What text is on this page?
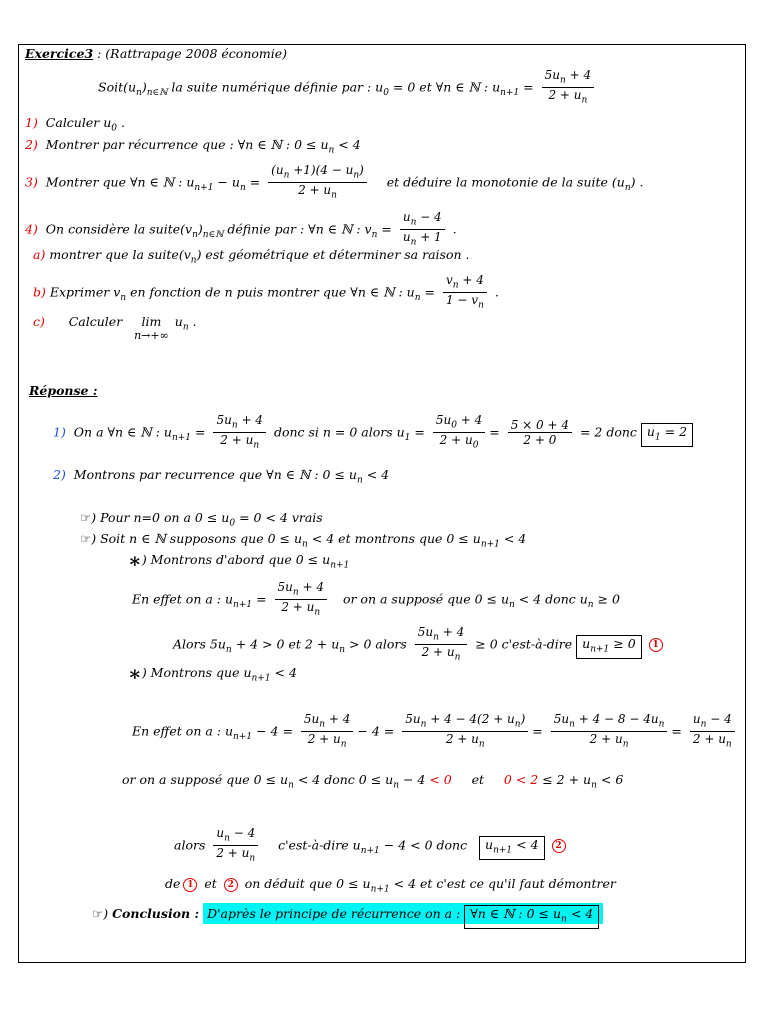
Exercice3 : (Rattrapage 2008 économie)
$Soit(u_n)_{n\in ℕ}$ la suite numérique définie par : $u_0 = 0$ et ∀n ∈ ℕ : $u_{n+1} = \frac{5u_n + 4}{2 + u_n}$
1) Calculer $u_0$ .
2) Montrer par récurrence que : ∀n ∈ ℕ : $0 \le u_n < 4$
3) Montrer que ∀n ∈ ℕ : $u_{n+1} - u_n = \frac{(u_n +1)(4 - u_n)}{2 + u_n}$ et déduire la monotonie de la suite $(u_n)$ .
4) On considère la $suite(v_n)_{n\in ℕ}$ définie par : ∀n ∈ ℕ : $v_n = \frac{u_n - 4}{u_n + 1}$ .
a) montrer que la $suite(v_n)$ est géométrique et déterminer sa raison .
b) Exprimer $v_n$ en fonction de n puis montrer que ∀n ∈ ℕ : $u_n = \frac{v_n + 4}{1 - v_n}$ .
c) Calculer	lim
n→+∞
$u_n$ .
Réponse :
1) On a ∀n ∈ ℕ : $u_{n+1} = \frac{5u_n + 4}{2 + u_n}$ donc si n = 0 alors $u_1 = \frac{5u_0 + 4}{2 + u_0} = \frac{5 \times 0 + 4}{2 + 0} = 2$ donc $u_1 = 2$
2) Montrons par recurrence que ∀n ∈ ℕ : $0 \le u_n < 4$
☞) Pour n=0 on a $0 \le u_0 = 0 < 4$ vrais
☞) Soit n ∈ ℕ supposons que $0 \le u_n < 4$ et montrons que $0 \le u_{n+1} < 4$
∗) Montrons d'abord que $0 \le u_{n+1}$
En effet on a : $u_{n+1} = \frac{5u_n + 4}{2 + u_n}$ or on a supposé que $0 \le u_n < 4$ donc $u_n \ge 0$
Alors $5u_n + 4 > 0$ et $2 + u_n > 0$ alors $\frac{5u_n + 4}{2 + u_n} \ge 0$ c'est-à-dire $u_{n+1} \ge 0$ 1
∗) Montrons que $u_{n+1} < 4$
En effet on a : $u_{n+1} - 4 = \frac{5u_n + 4}{2 + u_n} - 4 = \frac{5u_n + 4 - 4(2 + u_n)}{2 + u_n} = \frac{5u_n + 4 - 8 - 4u_n}{2 + u_n} = \frac{u_n - 4}{2 + u_n}$
or on a supposé que $0 \le u_n < 4$ donc $0 \le u_n - 4 < 0$     et     $0 < 2 \le 2 + u_n < 6$
alors $\frac{u_n - 4}{2 + u_n}$ c'est-à-dire $u_{n+1} - 4 < 0$ donc $u_{n+1} < 4$ 2
de 1 et 2 on déduit que $0 \le u_{n+1} < 4$ et c'est ce qu'il faut démontrer
☞) Conclusion : D'après le principe de récurrence on a : ∀n ∈ ℕ : $0 \le u_n < 4$
